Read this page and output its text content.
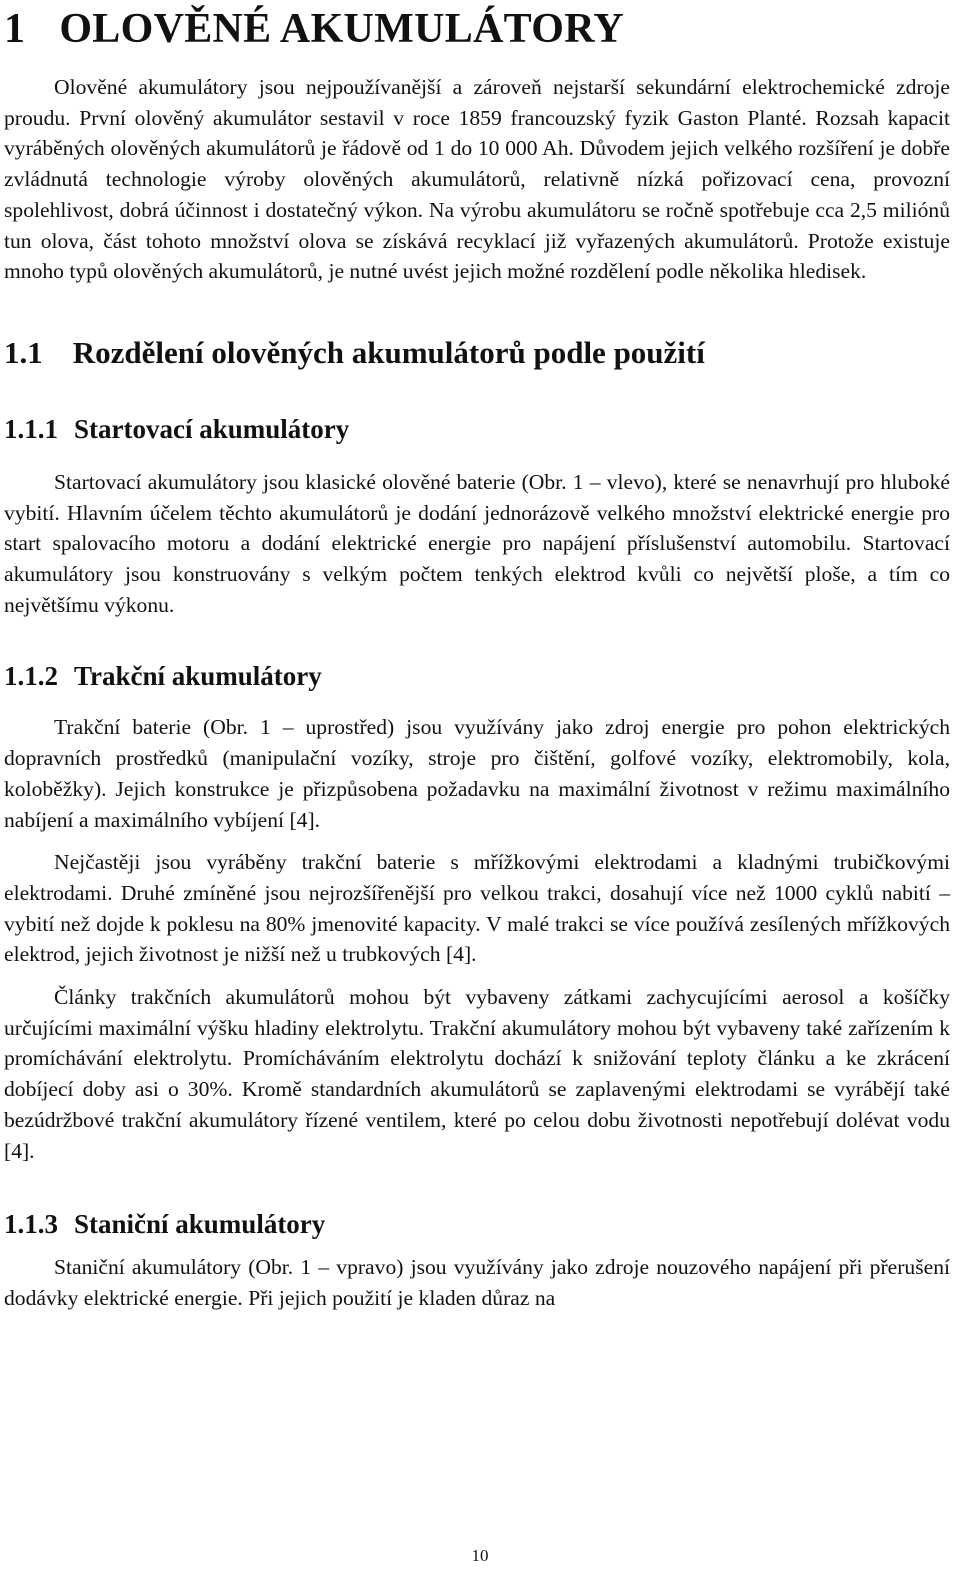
1 OLOVĚNÉ AKUMULÁTORY

Olověné akumulátory jsou nejpoužívanější a zároveň nejstarší sekundární elektrochemické zdroje proudu. První olověný akumulátor sestavil v roce 1859 francouzský fyzik Gaston Planté. Rozsah kapacit vyráběných olověných akumulátorů je řádově od 1 do 10 000 Ah. Důvodem jejich velkého rozšíření je dobře zvládnutá technologie výroby olověných akumulátorů, relativně nízká pořizovací cena, provozní spolehlivost, dobrá účinnost i dostatečný výkon. Na výrobu akumulátoru se ročně spotřebuje cca 2,5 miliónů tun olova, část tohoto množství olova se získává recyklací již vyřazených akumulátorů. Protože existuje mnoho typů olověných akumulátorů, je nutné uvést jejich možné rozdělení podle několika hledisek.

1.1 Rozdělení olověných akumulátorů podle použití
1.1.1 Startovací akumulátory

Startovací akumulátory jsou klasické olověné baterie (Obr. 1 – vlevo), které se nenavrhují pro hluboké vybití. Hlavním účelem těchto akumulátorů je dodání jednorázově velkého množství elektrické energie pro start spalovacího motoru a dodání elektrické energie pro napájení příslušenství automobilu. Startovací akumulátory jsou konstruovány s velkým počtem tenkých elektrod kvůli co největší ploše, a tím co největšímu výkonu.

1.1.2 Trakční akumulátory

Trakční baterie (Obr. 1 – uprostřed) jsou využívány jako zdroj energie pro pohon elektrických dopravních prostředků (manipulační vozíky, stroje pro čištění, golfové vozíky, elektromobily, kola, koloběžky). Jejich konstrukce je přizpůsobena požadavku na maximální životnost v režimu maximálního nabíjení a maximálního vybíjení [4].

Nejčastěji jsou vyráběny trakční baterie s mřížkovými elektrodami a kladnými trubičkovými elektrodami. Druhé zmíněné jsou nejrozšířenější pro velkou trakci, dosahují více než 1000 cyklů nabití – vybití než dojde k poklesu na 80% jmenovité kapacity. V malé trakci se více používá zesílených mřížkových elektrod, jejich životnost je nižší než u trubkových [4].

Články trakčních akumulátorů mohou být vybaveny zátkami zachycujícími aerosol a košíčky určujícími maximální výšku hladiny elektrolytu. Trakční akumulátory mohou být vybaveny také zařízením k promíchávání elektrolytu. Promícháváním elektrolytu dochází k snižování teploty článku a ke zkrácení dobíjecí doby asi o 30%. Kromě standardních akumulátorů se zaplavenými elektrodami se vyrábějí také bezúdržbové trakční akumulátory řízené ventilem, které po celou dobu životnosti nepotřebují dolévat vodu [4].

1.1.3 Staniční akumulátory

Staniční akumulátory (Obr. 1 – vpravo) jsou využívány jako zdroje nouzového napájení při přerušení dodávky elektrické energie. Při jejich použití je kladen důraz na

10
